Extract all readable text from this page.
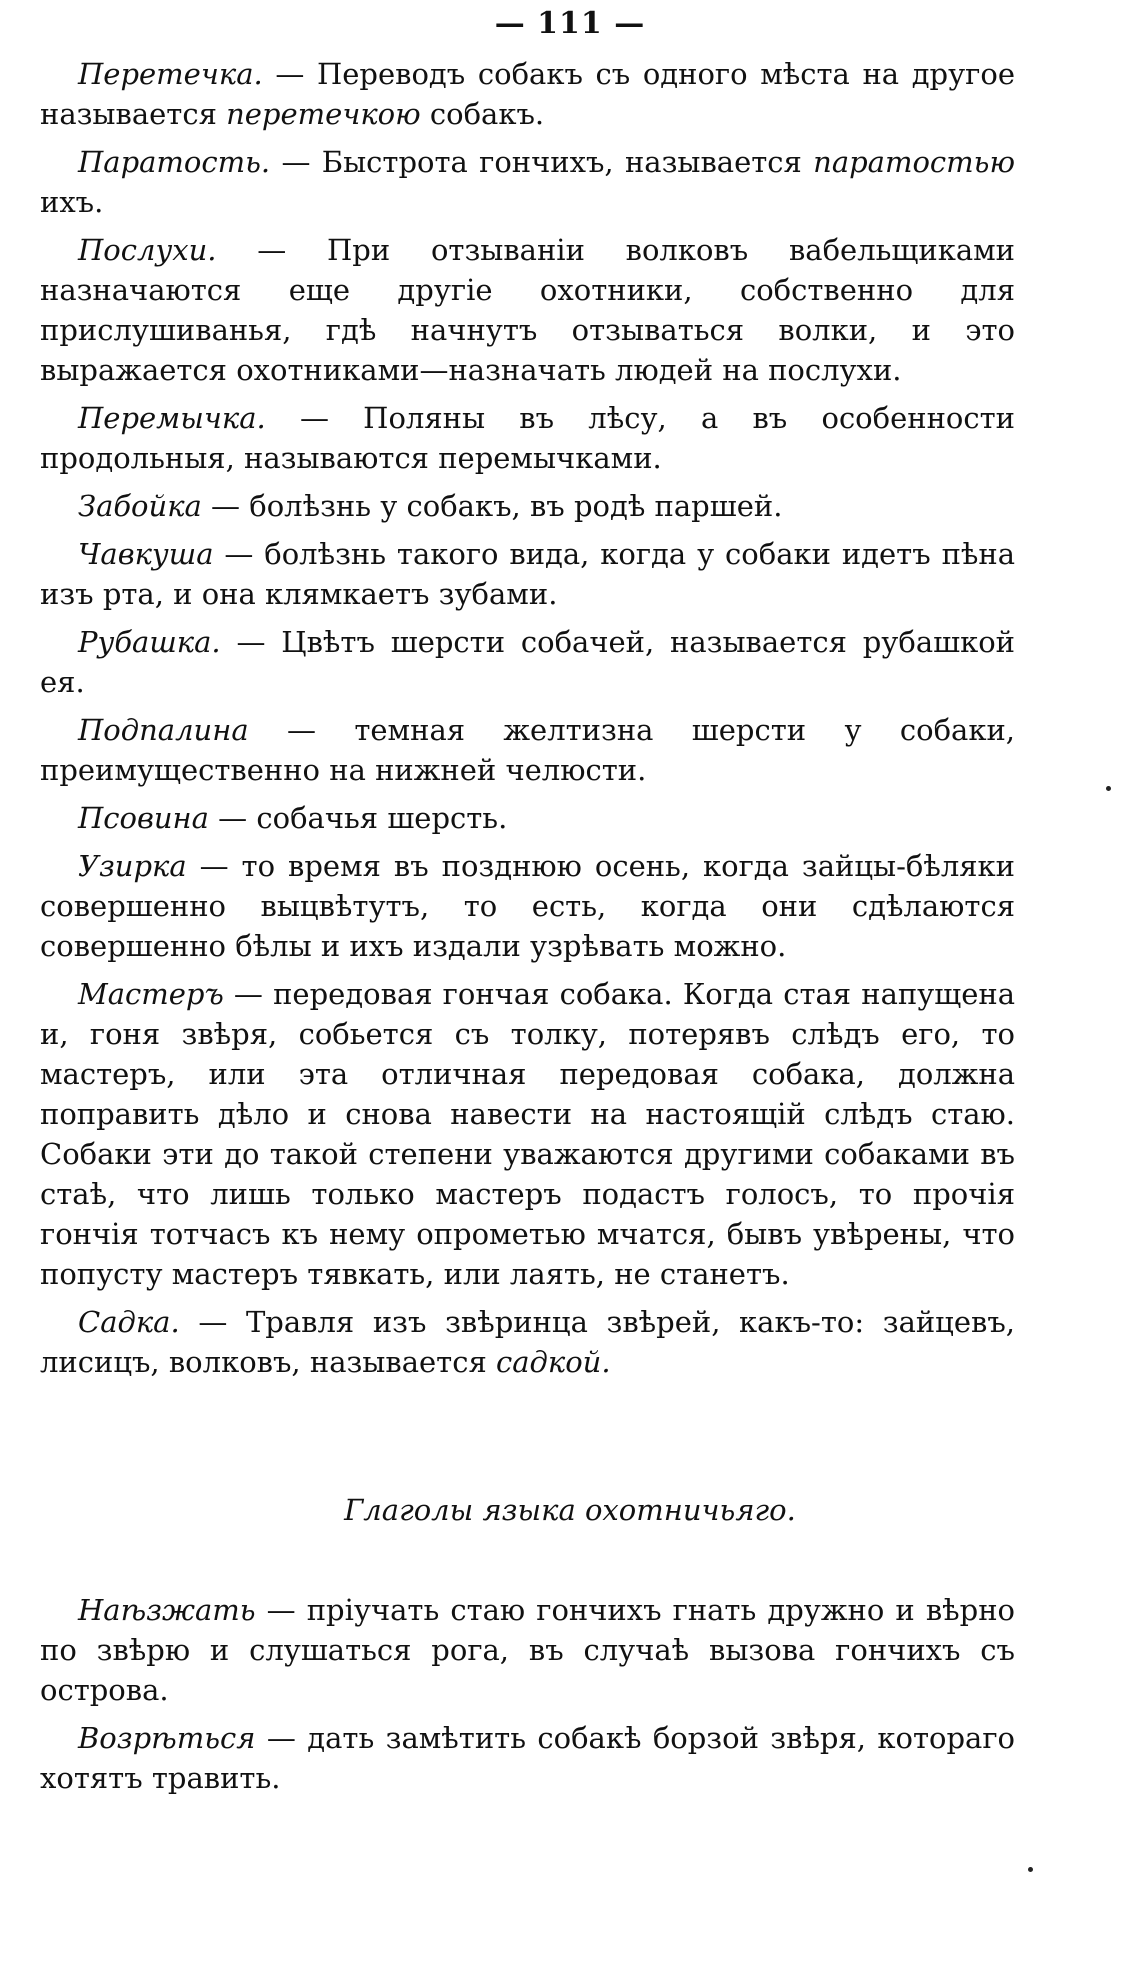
— 111 —

Перетечка. — Переводъ собакъ съ одного мѣста на другое называется перетечкою собакъ.

Паратость. — Быстрота гончихъ, называется паратостью ихъ.

Послухи. — При отзываніи волковъ вабельщиками назначаются еще другіе охотники, собственно для прислушиванья, гдѣ начнутъ отзываться волки, и это выражается охотниками—назначать людей на послухи.

Перемычка. — Поляны въ лѣсу, а въ особенности продольныя, называются перемычками.

Забойка — болѣзнь у собакъ, въ родѣ паршей.

Чавкуша — болѣзнь такого вида, когда у собаки идетъ пѣна изъ рта, и она клямкаетъ зубами.

Рубашка. — Цвѣтъ шерсти собачей, называется рубашкой ея.

Подпалина — темная желтизна шерсти у собаки, преимущественно на нижней челюсти.

Псовина — собачья шерсть.

Узирка — то время въ позднюю осень, когда зайцы-бѣляки совершенно выцвѣтутъ, то есть, когда они сдѣлаются совершенно бѣлы и ихъ издали узрѣвать можно.

Мастеръ — передовая гончая собака. Когда стая напущена и, гоня звѣря, собьется съ толку, потерявъ слѣдъ его, то мастеръ, или эта отличная передовая собака, должна поправить дѣло и снова навести на настоящій слѣдъ стаю. Собаки эти до такой степени уважаются другими собаками въ стаѣ, что лишь только мастеръ подастъ голосъ, то прочія гончія тотчасъ къ нему опрометью мчатся, бывъ увѣрены, что попусту мастеръ тявкать, или лаять, не станетъ.

Садка. — Травля изъ звѣринца звѣрей, какъ-то: зайцевъ, лисицъ, волковъ, называется садкой.

Глаголы языка охотничьяго.

Наѣзжать — пріучать стаю гончихъ гнать дружно и вѣрно по звѣрю и слушаться рога, въ случаѣ вызова гончихъ съ острова.

Возрѣться — дать замѣтить собакѣ борзой звѣря, котораго хотятъ травить.
